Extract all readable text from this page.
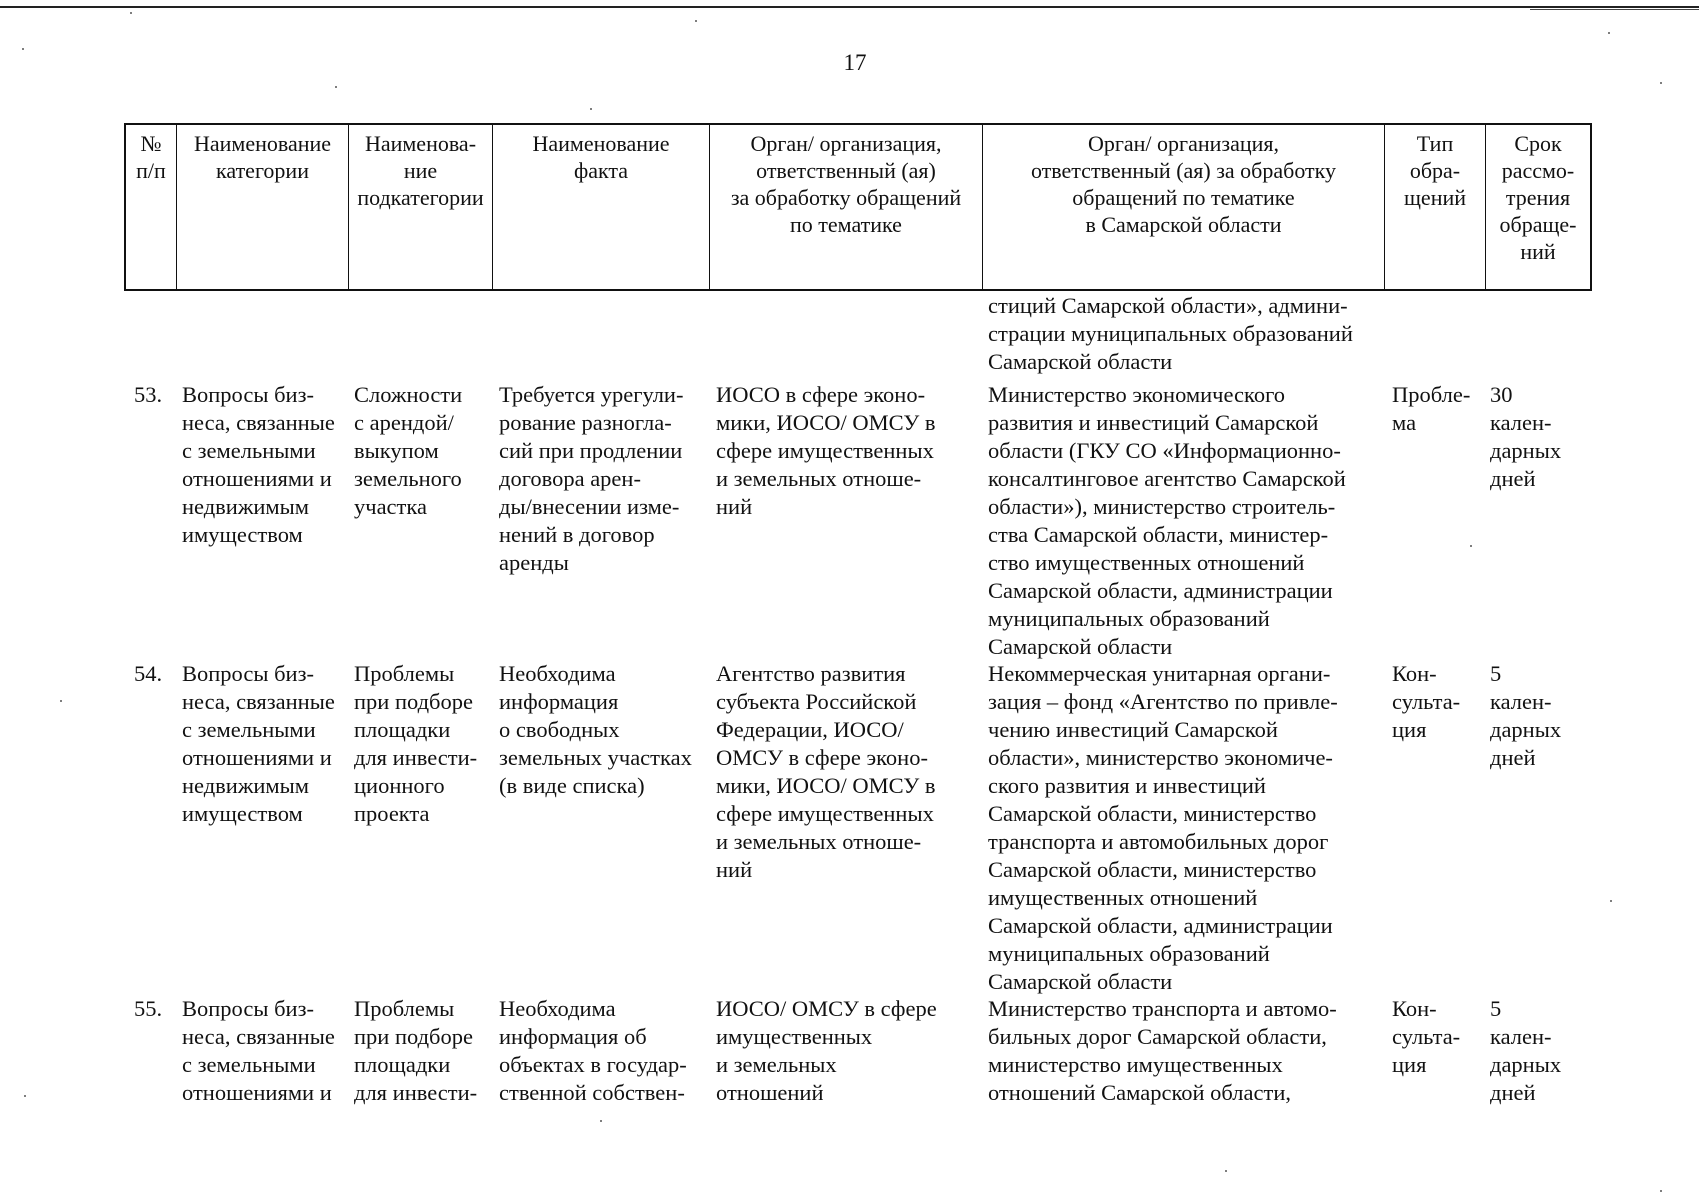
17
№
п/п
Наименование
категории
Наименова-
ние
подкатегории
Наименование
факта
Орган/ организация,
ответственный (ая)
за обработку обращений
по тематике
Орган/ организация,
ответственный (ая) за обработку
обращений по тематике
в Самарской области
Тип
обра-
щений
Срок
рассмо-
трения
обраще-
ний
стиций Самарской области», админи-
страции муниципальных образований
Самарской области
53. Вопросы биз-
неса, связанные
с земельными
отношениями и
недвижимым
имуществом
Сложности
с арендой/
выкупом
земельного
участка
Требуется урегули-
рование разногла-
сий при продлении
договора арен-
ды/внесении изме-
нений в договор
аренды
ИОСО в сфере эконо-
мики, ИОСО/ ОМСУ в
сфере имущественных
и земельных отноше-
ний
Министерство экономического
развития и инвестиций Самарской
области (ГКУ СО «Информационно-
консалтинговое агентство Самарской
области»), министерство строитель-
ства Самарской области, министер-
ство имущественных отношений
Самарской области, администрации
муниципальных образований
Самарской области
Пробле-
ма
30
кален-
дарных
дней
54. Вопросы биз-
неса, связанные
с земельными
отношениями и
недвижимым
имуществом
Проблемы
при подборе
площадки
для инвести-
ционного
проекта
Необходима
информация
о свободных
земельных участках
(в виде списка)
Агентство развития
субъекта Российской
Федерации, ИОСО/
ОМСУ в сфере эконо-
мики, ИОСО/ ОМСУ в
сфере имущественных
и земельных отноше-
ний
Некоммерческая унитарная органи-
зация – фонд «Агентство по привле-
чению инвестиций Самарской
области», министерство экономиче-
ского развития и инвестиций
Самарской области, министерство
транспорта и автомобильных дорог
Самарской области, министерство
имущественных отношений
Самарской области, администрации
муниципальных образований
Самарской области
Кон-
сульта-
ция
5
кален-
дарных
дней
55. Вопросы биз-
неса, связанные
с земельными
отношениями и
Проблемы
при подборе
площадки
для инвести-
Необходима
информация об
объектах в государ-
ственной собствен-
ИОСО/ ОМСУ в сфере
имущественных
и земельных
отношений
Министерство транспорта и автомо-
бильных дорог Самарской области,
министерство имущественных
отношений Самарской области,
Кон-
сульта-
ция
5
кален-
дарных
дней
